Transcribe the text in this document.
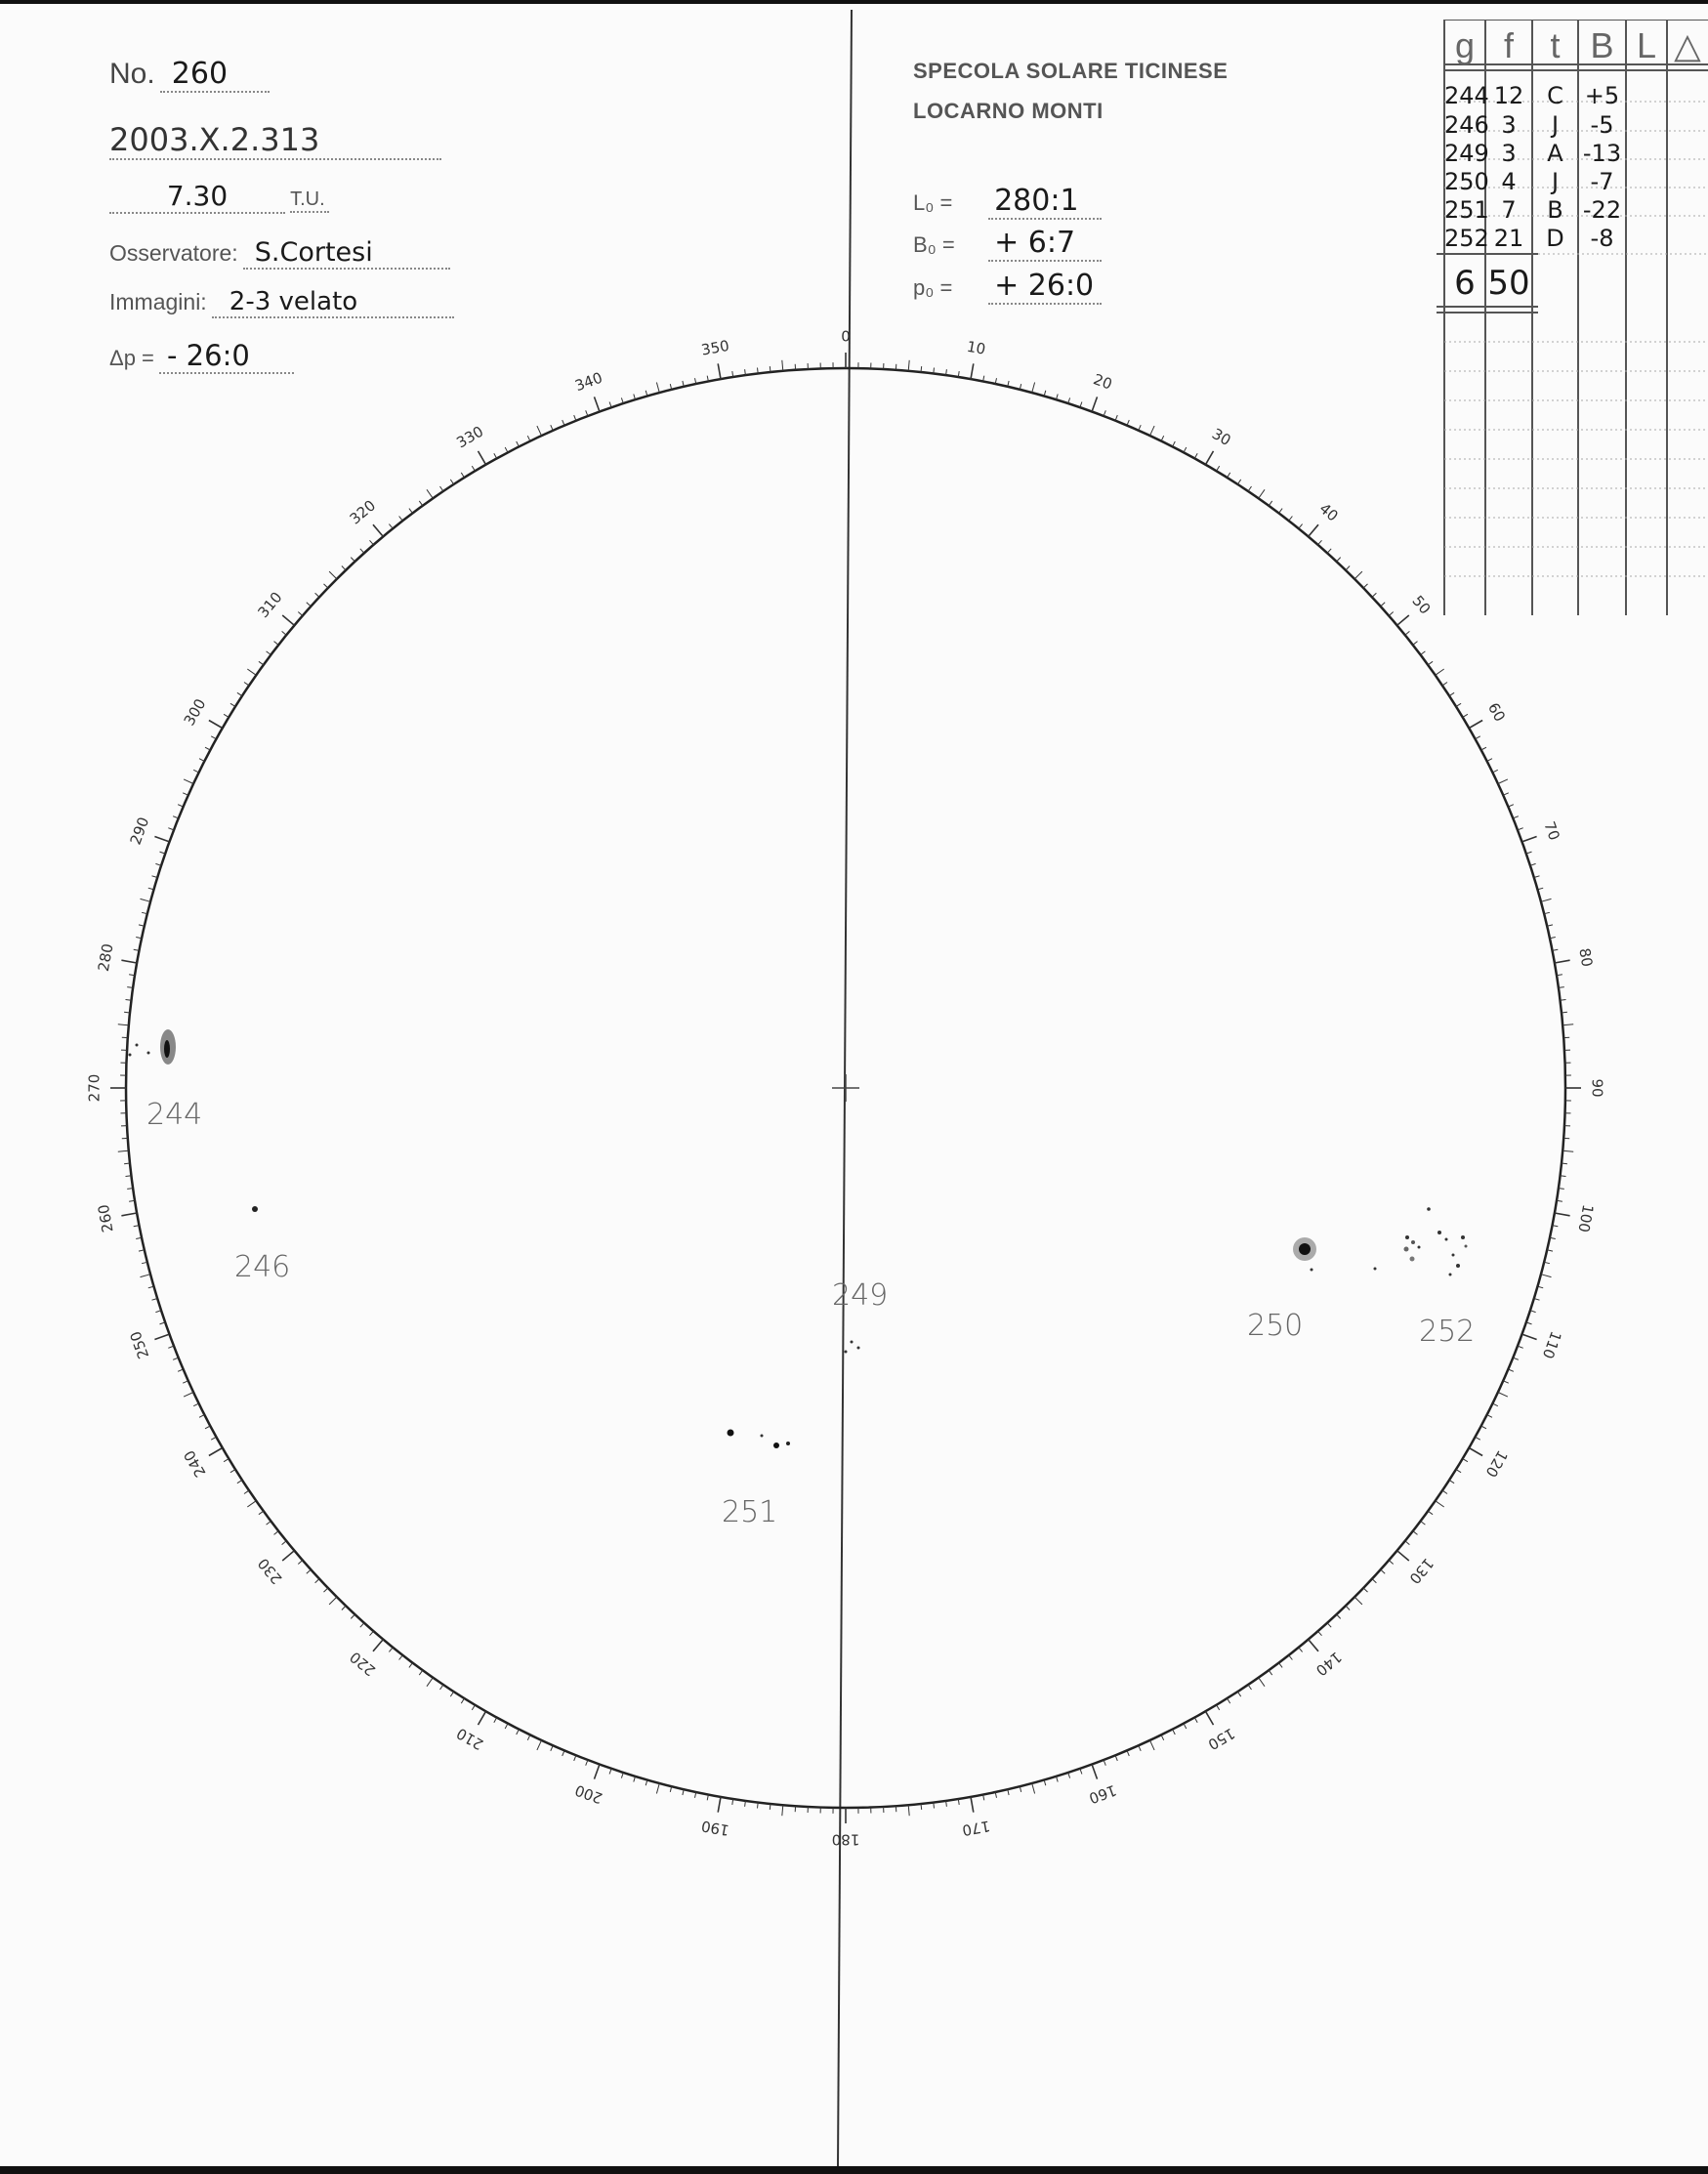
No. 260
2003.Ⅹ.2.313
7.30	T.U.
Osservatore: S.Cortesi
Immagini: 2-3 velato
Δp = - 26:0
SPECOLA SOLARE TICINESE
LOCARNO MONTI
L₀ = 280:1
B₀ = + 6:7
p₀ = + 26:0
g f	t B L △
244 12 C +5
246 3	J	-5
249 3	A -13
250 4	J	-7
251 7	B -22
252 21 D	-8
6 50
0
10
20
30
40
50
60
70
80
90
100
110
120
130
140
150
160
170
180
190
200
210
220
230
240
250
260
270
280
290
300
310
320
330
340
350
244
246
249
250	252
251
